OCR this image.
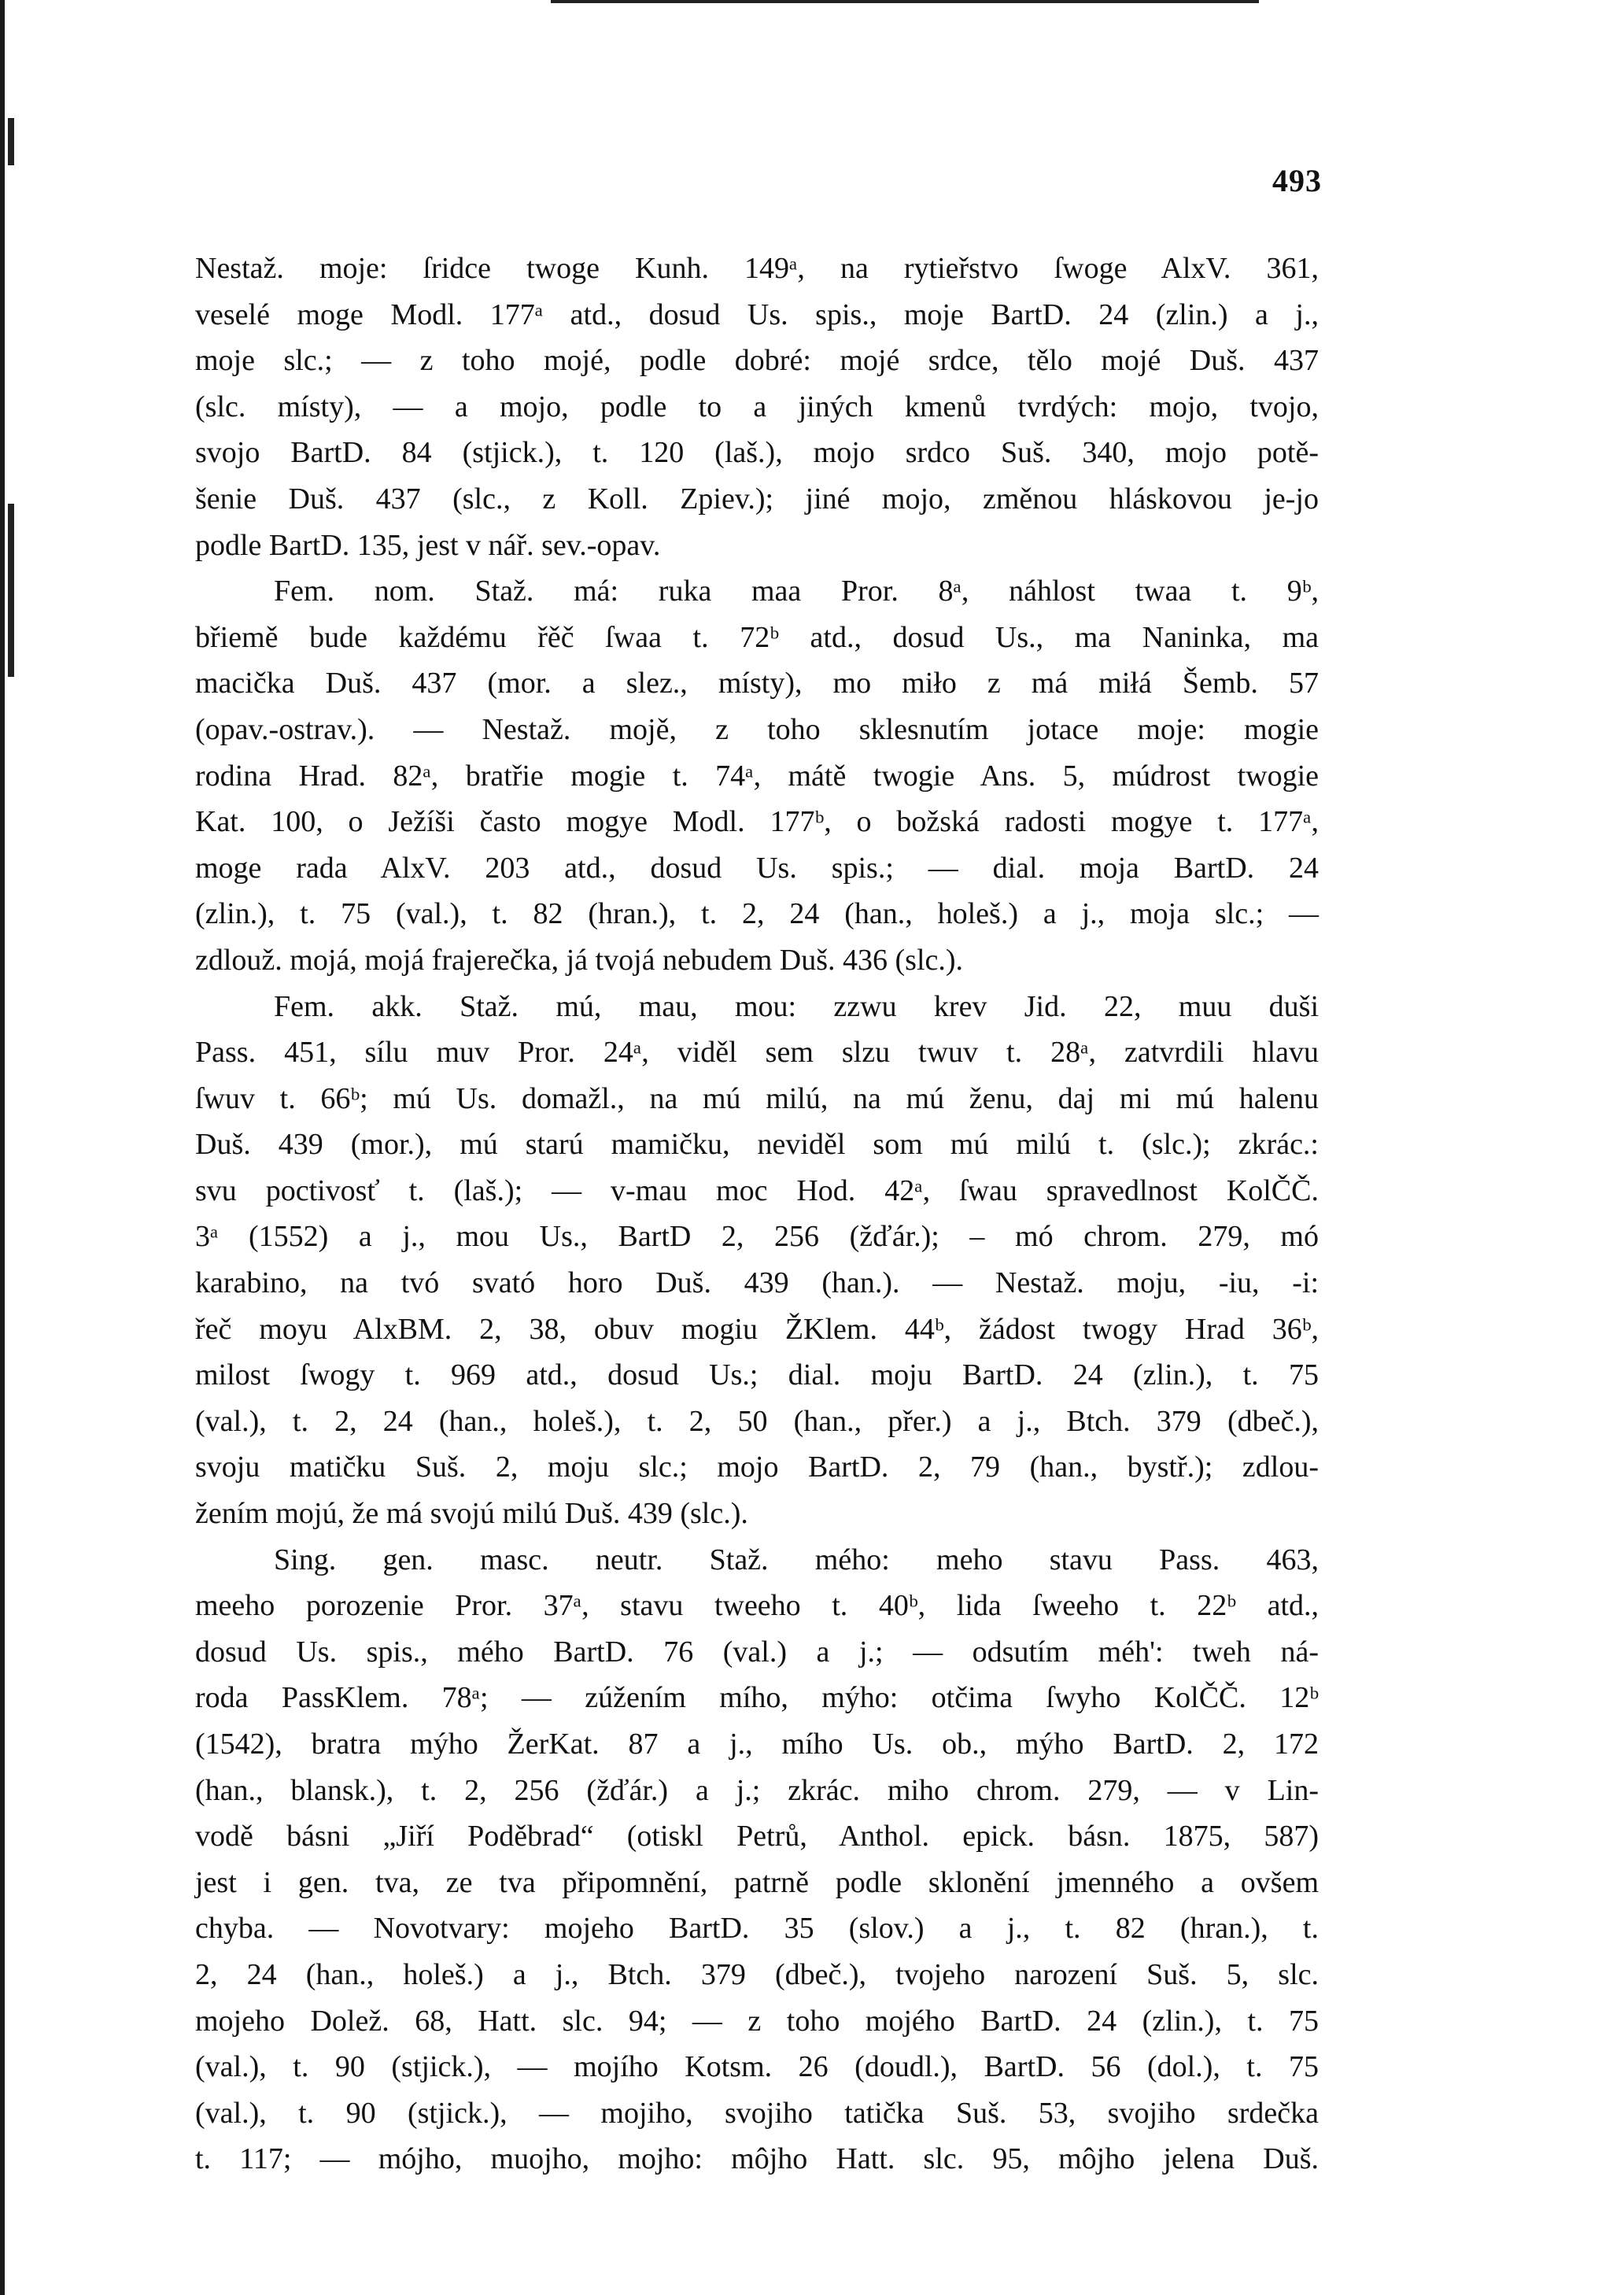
493
Nestaž. moje: ſridce twoge Kunh. 149ᵃ, na rytieřstvo ſwoge AlxV. 361,
veselé moge Modl. 177ᵃ atd., dosud Us. spis., moje BartD. 24 (zlin.) a j.,
moje slc.; — z toho mojé, podle dobré: mojé srdce, tělo mojé Duš. 437
(slc. místy), — a mojo, podle to a jiných kmenů tvrdých: mojo, tvojo,
svojo BartD. 84 (stjick.), t. 120 (laš.), mojo srdco Suš. 340, mojo potě-
šenie Duš. 437 (slc., z Koll. Zpiev.); jiné mojo, změnou hláskovou je-jo
podle BartD. 135, jest v nář. sev.-opav.
Fem. nom. Staž. má: ruka maa Pror. 8ᵃ, náhlost twaa t. 9ᵇ,
břiemě bude každému řěč ſwaa t. 72ᵇ atd., dosud Us., ma Naninka, ma
macička Duš. 437 (mor. a slez., místy), mo miło z má miłá Šemb. 57
(opav.-ostrav.). — Nestaž. mojě, z toho sklesnutím jotace moje: mogie
rodina Hrad. 82ᵃ, bratřie mogie t. 74ᵃ, mátě twogie Ans. 5, múdrost twogie
Kat. 100, o Ježíši často mogye Modl. 177ᵇ, o božská radosti mogye t. 177ᵃ,
moge rada AlxV. 203 atd., dosud Us. spis.; — dial. moja BartD. 24
(zlin.), t. 75 (val.), t. 82 (hran.), t. 2, 24 (han., holeš.) a j., moja slc.; —
zdlouž. mojá, mojá frajerečka, já tvojá nebudem Duš. 436 (slc.).
Fem. akk. Staž. mú, mau, mou: zzwu krev Jid. 22, muu duši
Pass. 451, sílu muv Pror. 24ᵃ, viděl sem slzu twuv t. 28ᵃ, zatvrdili hlavu
ſwuv t. 66ᵇ; mú Us. domažl., na mú milú, na mú ženu, daj mi mú halenu
Duš. 439 (mor.), mú starú mamičku, neviděl som mú milú t. (slc.); zkrác.:
svu poctivosť t. (laš.); — v-mau moc Hod. 42ᵃ, ſwau spravedlnost KolČČ.
3ᵃ (1552) a j., mou Us., BartD 2, 256 (žďár.); – mó chrom. 279, mó
karabino, na tvó svató horo Duš. 439 (han.). — Nestaž. moju, -iu, -i:
řeč moyu AlxBM. 2, 38, obuv mogiu ŽKlem. 44ᵇ, žádost twogy Hrad 36ᵇ,
milost ſwogy t. 969 atd., dosud Us.; dial. moju BartD. 24 (zlin.), t. 75
(val.), t. 2, 24 (han., holeš.), t. 2, 50 (han., přer.) a j., Btch. 379 (dbeč.),
svoju matičku Suš. 2, moju slc.; mojo BartD. 2, 79 (han., bystř.); zdlou-
žením mojú, že má svojú milú Duš. 439 (slc.).
Sing. gen. masc. neutr. Staž. mého: meho stavu Pass. 463,
meeho porozenie Pror. 37ᵃ, stavu tweeho t. 40ᵇ, lida ſweeho t. 22ᵇ atd.,
dosud Us. spis., mého BartD. 76 (val.) a j.; — odsutím méh': tweh ná-
roda PassKlem. 78ᵃ; — zúžením mího, mýho: otčima ſwyho KolČČ. 12ᵇ
(1542), bratra mýho ŽerKat. 87 a j., mího Us. ob., mýho BartD. 2, 172
(han., blansk.), t. 2, 256 (žďár.) a j.; zkrác. miho chrom. 279, — v Lin-
vodě básni „Jiří Poděbrad“ (otiskl Petrů, Anthol. epick. básn. 1875, 587)
jest i gen. tva, ze tva připomnění, patrně podle sklonění jmenného a ovšem
chyba. — Novotvary: mojeho BartD. 35 (slov.) a j., t. 82 (hran.), t.
2, 24 (han., holeš.) a j., Btch. 379 (dbeč.), tvojeho narození Suš. 5, slc.
mojeho Dolež. 68, Hatt. slc. 94; — z toho mojého BartD. 24 (zlin.), t. 75
(val.), t. 90 (stjick.), — mojího Kotsm. 26 (doudl.), BartD. 56 (dol.), t. 75
(val.), t. 90 (stjick.), — mojiho, svojiho tatička Suš. 53, svojiho srdečka
t. 117; — mójho, muojho, mojho: môjho Hatt. slc. 95, môjho jelena Duš.
